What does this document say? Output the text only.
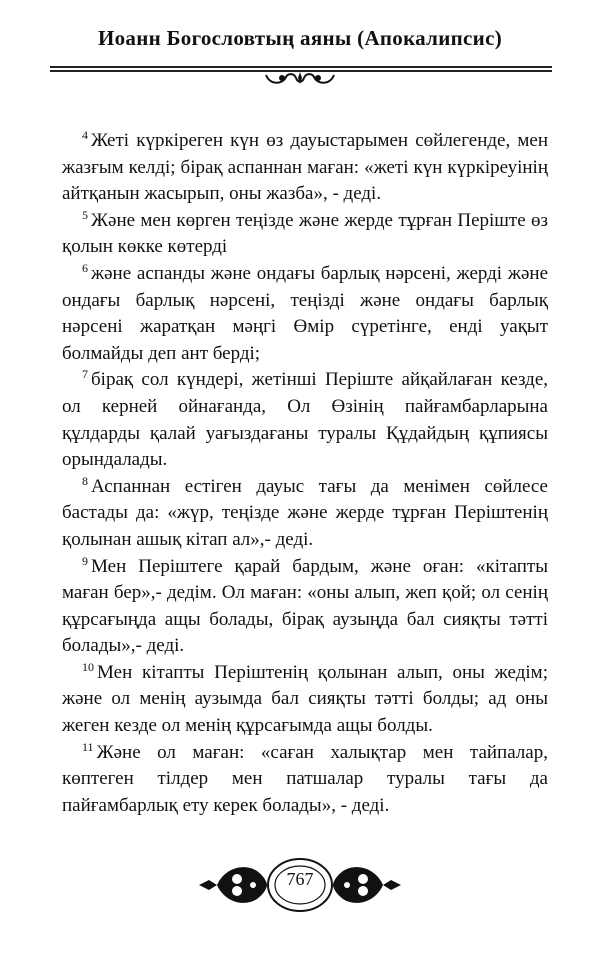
Иоанн Богословтың аяны (Апокалипсис)

$^4$ Жеті күркіреген күн өз дауыстарымен сөйлегенде, мен жазғым келді; бірақ аспаннан маған: «жеті күн күркіреуінің айтқанын жасырып, оны жазба», - деді.

$^5$ Және мен көрген теңізде және жерде тұрған Періште өз қолын көкке көтерді

$^6$ және аспанды және ондағы барлық нәрсені, жерді және ондағы барлық нәрсені, теңізді және ондағы барлық нәрсені жаратқан мәңгі Өмір сүретінге, енді уақыт болмайды деп ант берді;

$^7$ бірақ сол күндері, жетінші Періште айқайлаған кезде, ол керней ойнағанда, Ол Өзінің пайғамбарларына құлдарды қалай уағыздағаны туралы Құдайдың құпиясы орындалады.

$^8$ Аспаннан естіген дауыс тағы да менімен сөйлесе бастады да: «жүр, теңізде және жерде тұрған Періштенің қолынан ашық кітап ал»,- деді.

$^9$ Мен Періштеге қарай бардым, және оған: «кітапты маған бер»,- дедім. Ол маған: «оны алып, жеп қой; ол сенің құрсағыңда ащы болады, бірақ аузыңда бал сияқты тәтті болады»,- деді.

$^{10}$ Мен кітапты Періштенің қолынан алып, оны жедім; және ол менің аузымда бал сияқты тәтті болды; ад оны жеген кезде ол менің құрсағымда ащы болды.

$^{11}$ Және ол маған: «саған халықтар мен тайпалар, көптеген тілдер мен патшалар туралы тағы да пайғамбарлық ету керек болады», - деді.

767
